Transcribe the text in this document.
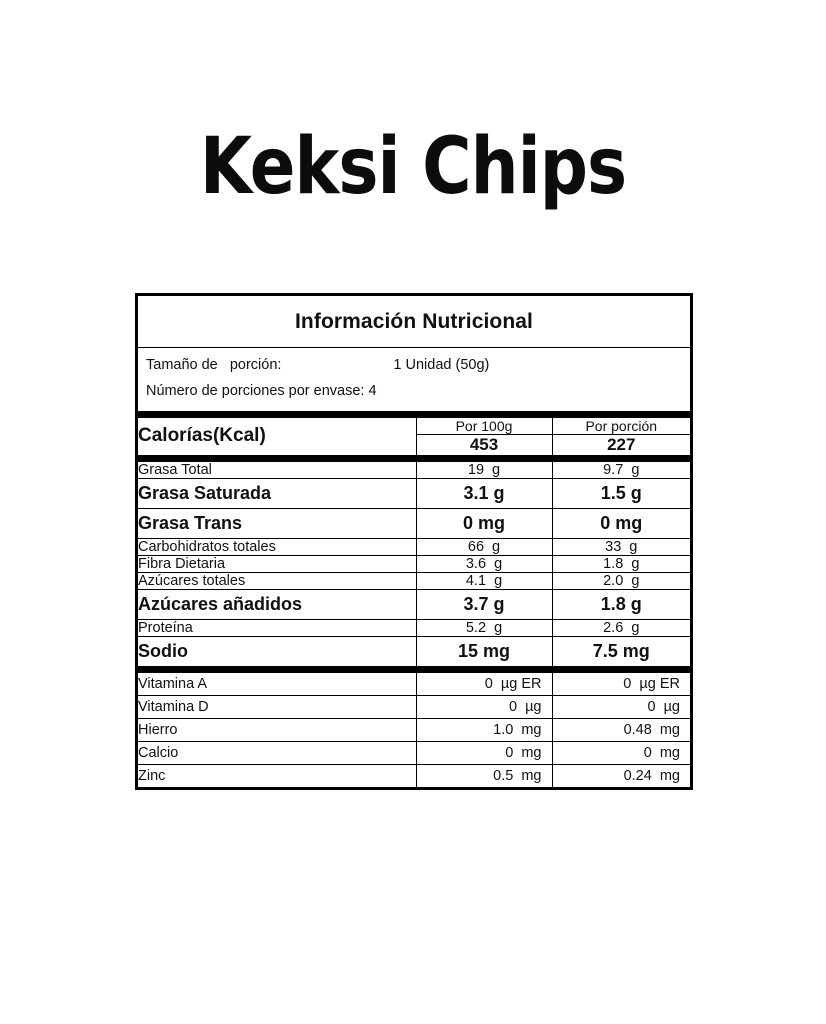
Keksi Chips
Información Nutricional
Tamaño de   porción:	1 Unidad (50g)
Número de porciones por envase: 4
Calorías(Kcal)	Por 100g	Por porción
	453	227
Grasa Total	19  g	9.7  g
Grasa Saturada	3.1 g	1.5 g
Grasa Trans	0 mg	0 mg
Carbohidratos totales	66  g	33  g
Fibra Dietaria	3.6  g	1.8  g
Azúcares totales	4.1  g	2.0  g
Azúcares añadidos	3.7 g	1.8 g
Proteína	5.2  g	2.6  g
Sodio	15 mg	7.5 mg
Vitamina A	0  µg ER	0  µg ER
Vitamina D	0  µg	0  µg
Hierro	1.0  mg	0.48  mg
Calcio	0  mg	0  mg
Zinc	0.5  mg	0.24  mg
